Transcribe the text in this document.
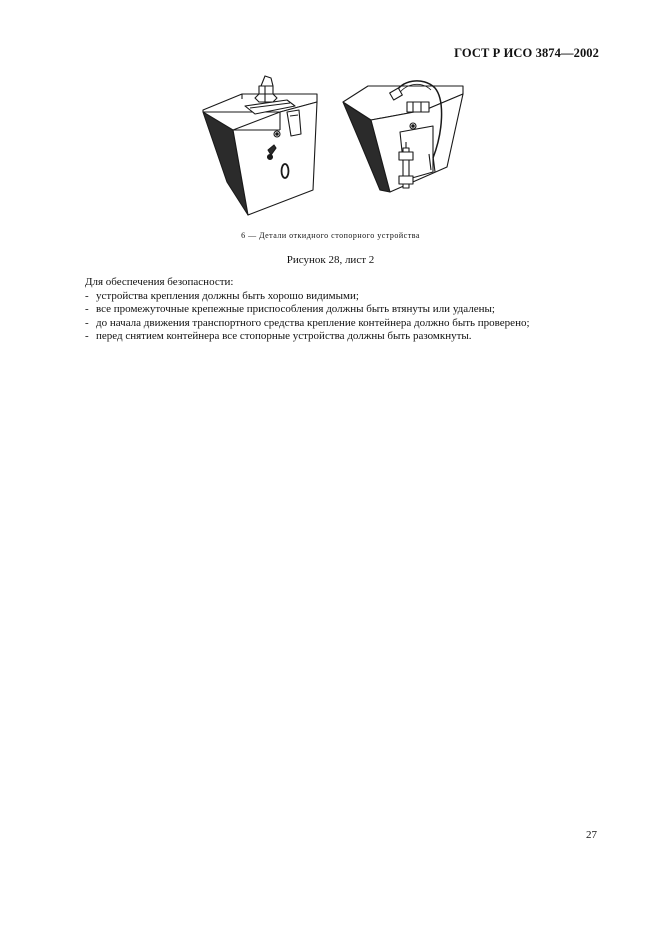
ГОСТ Р ИСО 3874—2002
6 — Детали откидного стопорного устройства
Рисунок 28, лист 2

Для обеспечения безопасности:

- устройства крепления должны быть хорошо видимыми;
- все промежуточные крепежные приспособления должны быть втянуты или удалены;
- до начала движения транспортного средства крепление контейнера должно быть проверено;
- перед снятием контейнера все стопорные устройства должны быть разомкнуты.
27
